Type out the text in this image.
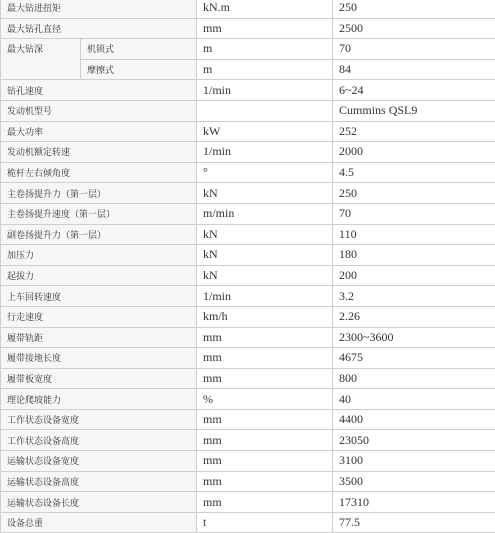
最大钻进扭矩		kN.m	250
最大钻孔直径		mm	2500
最大钻深	机锁式	m	70
	摩擦式	m	84
钻孔速度		1/min	6~24
发动机型号			Cummins QSL9
最大功率		kW	252
发动机额定转速		1/min	2000
桅杆左右倾角度		°	4.5
主卷扬提升力（第一层）		kN	250
主卷扬提升速度（第一层）		m/min	70
副卷扬提升力（第一层）		kN	110
加压力		kN	180
起拔力		kN	200
上车回转速度		1/min	3.2
行走速度		km/h	2.26
履带轨距		mm	2300~3600
履带接地长度		mm	4675
履带板宽度		mm	800
理论爬坡能力		%	40
工作状态设备宽度		mm	4400
工作状态设备高度		mm	23050
运输状态设备宽度		mm	3100
运输状态设备高度		mm	3500
运输状态设备长度		mm	17310
设备总重		t	77.5
